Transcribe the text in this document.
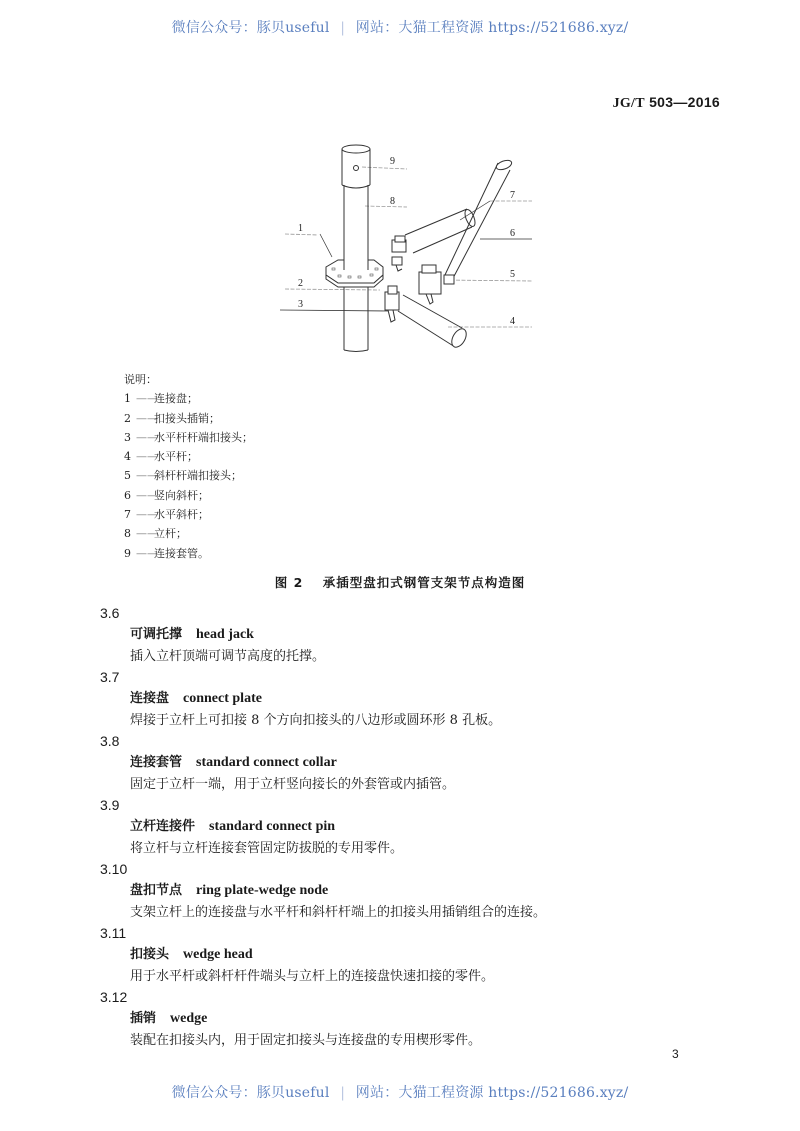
微信公众号：豚贝useful | 网站：大猫工程资源 https://521686.xyz/
JG/T 503—2016
9
8
1
2
3
7
6
5
4
说明：
1 ——
连接盘；
2 ——
扣接头插销；
3 ——
水平杆杆端扣接头；
4 ——
水平杆；
5 ——
斜杆杆端扣接头；
6 ——
竖向斜杆；
7 ——
水平斜杆；
8 ——
立杆；
9 ——
连接套管。
图 2 承插型盘扣式钢管支架节点构造图
3.6
可调托撑 head jack
插入立杆顶端可调节高度的托撑。
3.7
连接盘 connect plate
焊接于立杆上可扣接 8 个方向扣接头的八边形或圆环形 8 孔板。
3.8
连接套管 standard connect collar
固定于立杆一端，用于立杆竖向接长的外套管或内插管。
3.9
立杆连接件 standard connect pin
将立杆与立杆连接套管固定防拔脱的专用零件。
3.10
盘扣节点 ring plate-wedge node
支架立杆上的连接盘与水平杆和斜杆杆端上的扣接头用插销组合的连接。
3.11
扣接头 wedge head
用于水平杆或斜杆杆件端头与立杆上的连接盘快速扣接的零件。
3.12
插销 wedge
装配在扣接头内，用于固定扣接头与连接盘的专用楔形零件。
3
微信公众号：豚贝useful | 网站：大猫工程资源 https://521686.xyz/
